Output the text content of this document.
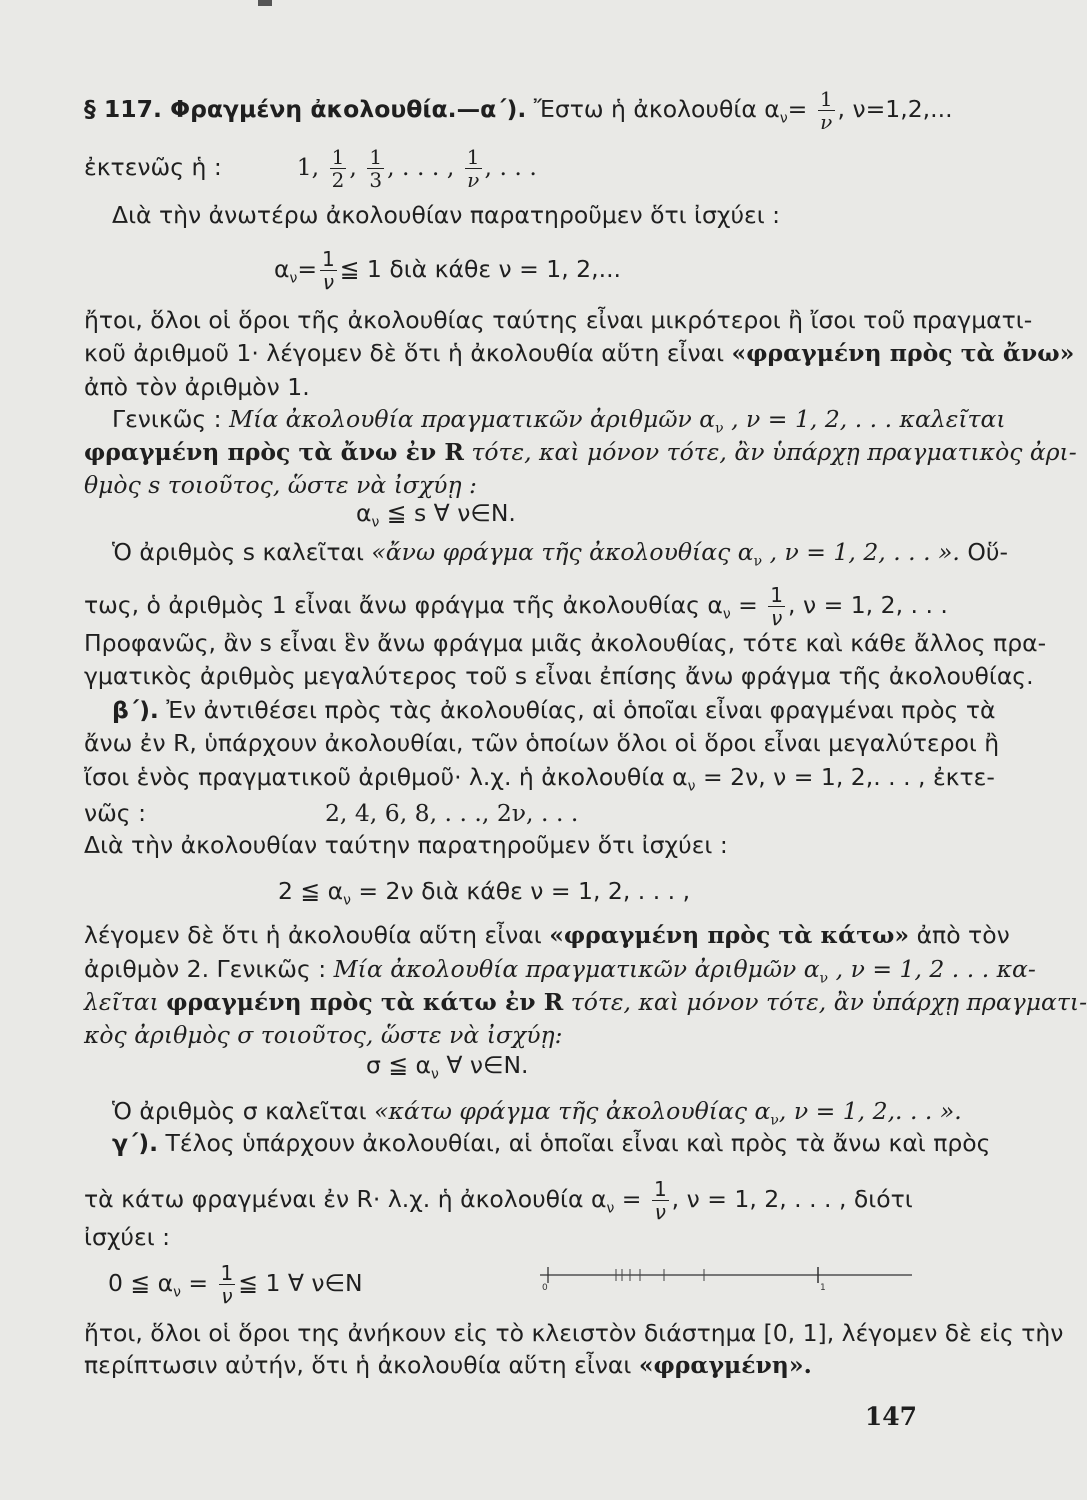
§ 117. Φραγμένη ἀκολουθία.—α΄). Ἔστω ἡ ἀκολουθία $\alpha_\nu= \frac{1}{\nu}$ , ν=1,2,...
ἐκτενῶς ἡ :	1, $\frac{1}{2}$ , $\frac{1}{3}$ , . . . , $\frac{1}{\nu}$ , . . .
Διὰ τὴν ἀνωτέρω ἀκολουθίαν παρατηροῦμεν ὅτι ἰσχύει :
$\alpha_\nu= \frac{1}{\nu}$ ≦ 1 διὰ κάθε ν = 1, 2,...
ἤτοι, ὅλοι οἱ ὅροι τῆς ἀκολουθίας ταύτης εἶναι μικρότεροι ἢ ἴσοι τοῦ πραγματι-
κοῦ ἀριθμοῦ 1· λέγομεν δὲ ὅτι ἡ ἀκολουθία αὕτη εἶναι «φραγμένη πρὸς τὰ ἄνω»
ἀπὸ τὸν ἀριθμὸν 1.
Γενικῶς : Μία ἀκολουθία πραγματικῶν ἀριθμῶν $\alpha_\nu$ , ν = 1, 2, . . . καλεῖται
φραγμένη πρὸς τὰ ἄνω ἐν R τότε, καὶ μόνον τότε, ἂν ὑπάρχῃ πραγματικὸς ἀρι-
θμὸς s τοιοῦτος, ὥστε νὰ ἰσχύῃ :
$\alpha_\nu$ ≦ s ∀ ν∈N.
Ὁ ἀριθμὸς s καλεῖται «ἄνω φράγμα τῆς ἀκολουθίας $\alpha_\nu$ , ν = 1, 2, . . . ». Οὕ-
τως, ὁ ἀριθμὸς 1 εἶναι ἄνω φράγμα τῆς ἀκολουθίας $\alpha_\nu = \frac{1}{\nu}$ , ν = 1, 2, . . .
Προφανῶς, ἂν s εἶναι ἓν ἄνω φράγμα μιᾶς ἀκολουθίας, τότε καὶ κάθε ἄλλος πρα-
γματικὸς ἀριθμὸς μεγαλύτερος τοῦ s εἶναι ἐπίσης ἄνω φράγμα τῆς ἀκολουθίας.
β΄). Ἐν ἀντιθέσει πρὸς τὰς ἀκολουθίας, αἱ ὁποῖαι εἶναι φραγμέναι πρὸς τὰ
ἄνω ἐν R, ὑπάρχουν ἀκολουθίαι, τῶν ὁποίων ὅλοι οἱ ὅροι εἶναι μεγαλύτεροι ἢ
ἴσοι ἑνὸς πραγματικοῦ ἀριθμοῦ· λ.χ. ἡ ἀκολουθία $\alpha_\nu = 2\nu$, ν = 1, 2,. . . , ἐκτε-
νῶς :	2, 4, 6, 8, . . ., 2ν, . . .
Διὰ τὴν ἀκολουθίαν ταύτην παρατηροῦμεν ὅτι ἰσχύει :
2 ≦ $\alpha_\nu = 2\nu$ διὰ κάθε ν = 1, 2, . . . ,
λέγομεν δὲ ὅτι ἡ ἀκολουθία αὕτη εἶναι «φραγμένη πρὸς τὰ κάτω» ἀπὸ τὸν
ἀριθμὸν 2. Γενικῶς : Μία ἀκολουθία πραγματικῶν ἀριθμῶν $\alpha_\nu$ , ν = 1, 2 . . . κα-
λεῖται φραγμένη πρὸς τὰ κάτω ἐν R τότε, καὶ μόνον τότε, ἂν ὑπάρχῃ πραγματι-
κὸς ἀριθμὸς σ τοιοῦτος, ὥστε νὰ ἰσχύῃ:
σ ≦ $\alpha_\nu$ ∀ ν∈N.
Ὁ ἀριθμὸς σ καλεῖται «κάτω φράγμα τῆς ἀκολουθίας $\alpha_\nu$, ν = 1, 2,. . . ».
γ΄). Τέλος ὑπάρχουν ἀκολουθίαι, αἱ ὁποῖαι εἶναι καὶ πρὸς τὰ ἄνω καὶ πρὸς
τὰ κάτω φραγμέναι ἐν R· λ.χ. ἡ ἀκολουθία $\alpha_\nu = \frac{1}{\nu}$ , ν = 1, 2, . . . , διότι
ἰσχύει :
0 ≦ $\alpha_\nu = \frac{1}{\nu}$ ≦ 1 ∀ ν∈N	0	1
ἤτοι, ὅλοι οἱ ὅροι της ἀνήκουν εἰς τὸ κλειστὸν διάστημα [0, 1], λέγομεν δὲ εἰς τὴν
περίπτωσιν αὐτήν, ὅτι ἡ ἀκολουθία αὕτη εἶναι «φραγμένη».
147
